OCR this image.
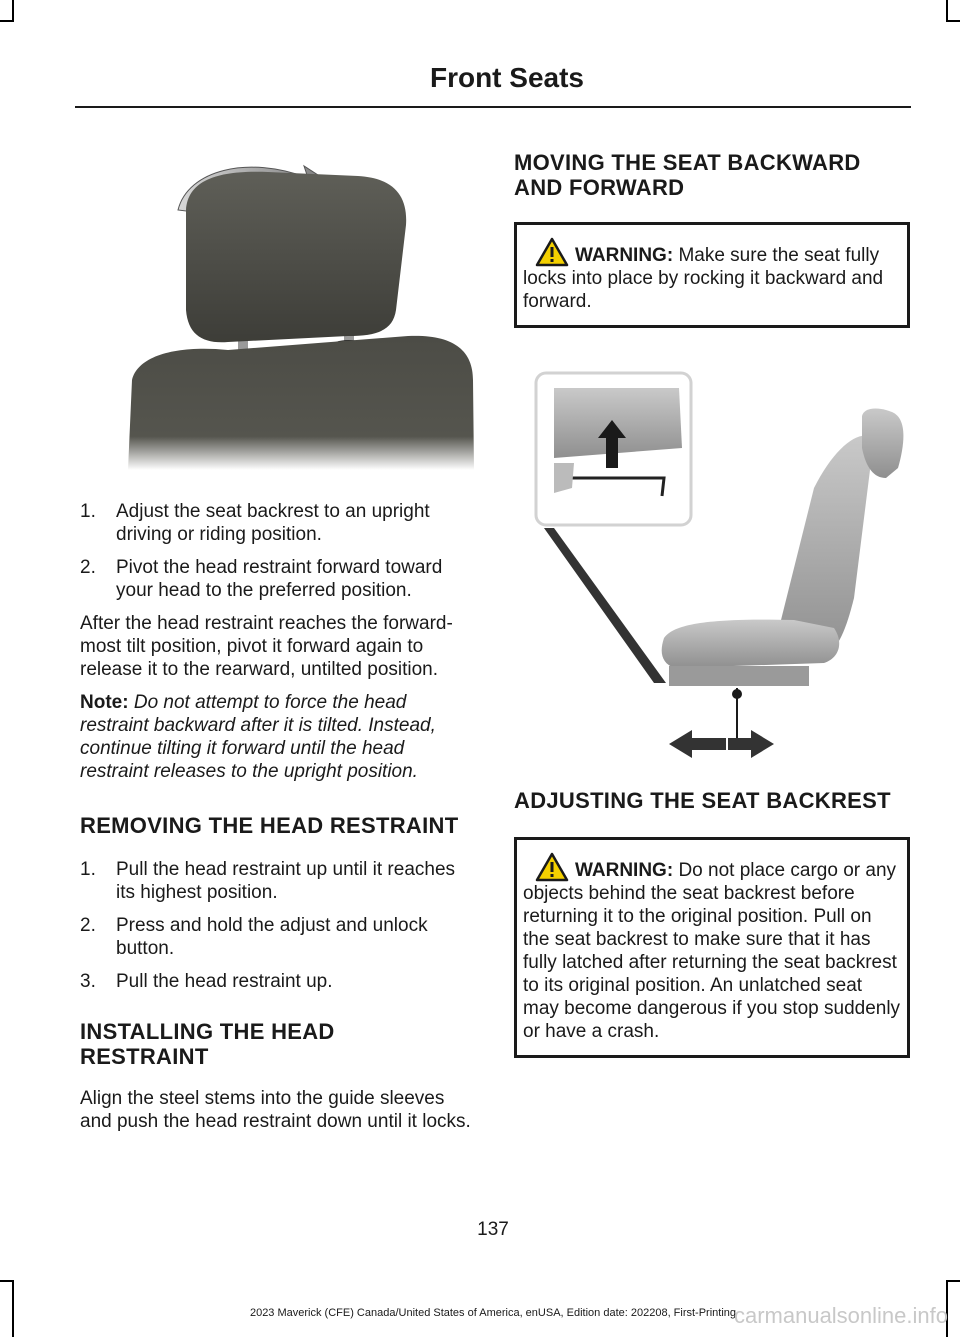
Front Seats
1. Adjust the seat backrest to an upright driving or riding position.
2. Pivot the head restraint forward toward your head to the preferred position.

After the head restraint reaches the forward-most tilt position, pivot it forward again to release it to the rearward, untilted position.

Note: Do not attempt to force the head restraint backward after it is tilted. Instead, continue tilting it forward until the head restraint releases to the upright position.

REMOVING THE HEAD RESTRAINT
1. Pull the head restraint up until it reaches its highest position.
2. Press and hold the adjust and unlock button.
3. Pull the head restraint up.
INSTALLING THE HEAD RESTRAINT

Align the steel stems into the guide sleeves and push the head restraint down until it locks.

MOVING THE SEAT BACKWARD AND FORWARD

WARNING: Make sure the seat fully locks into place by rocking it backward and forward.

ADJUSTING THE SEAT BACKREST

WARNING: Do not place cargo or any objects behind the seat backrest before returning it to the original position. Pull on the seat backrest to make sure that it has fully latched after returning the seat backrest to its original position. An unlatched seat may become dangerous if you stop suddenly or have a crash.

137

2023 Maverick (CFE) Canada/United States of America, enUSA, Edition date: 202208, First-Printing

carmanualsonline.info
